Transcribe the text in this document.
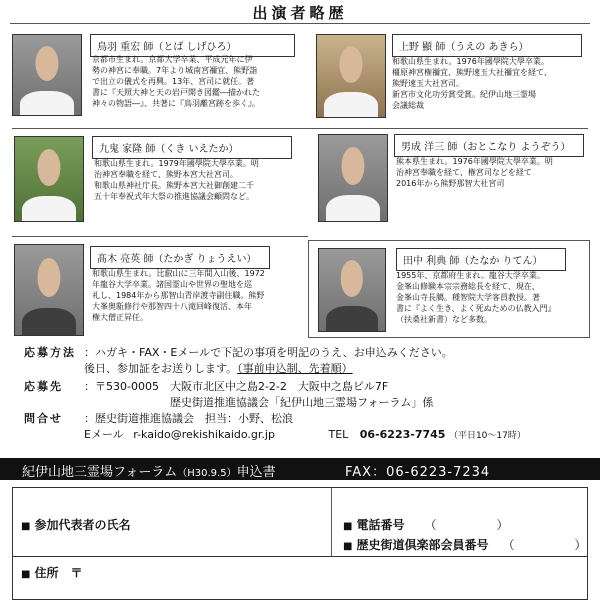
出演者略歴
鳥羽 重宏 師（とば しげひろ）
京都市生まれ。京都大学卒業、平成元年に伊
勢の神宮に奉職。7年より城南宮禰宜、熊野詣
で出立の儀式を再興。13年、宮司に就任。著
書に『天照大神と天の岩戸開き図鑑―描かれた
神々の物語―』、共著に『鳥羽離宮跡を歩く』。
上野 顯 師（うえの あきら）
和歌山県生まれ。1976年國學院大學卒業。
橿原神宮権禰宜、熊野速玉大社禰宜を経て、
熊野速玉大社宮司。
新宮市文化功労賞受賞。紀伊山地三霊場
会議総裁
九鬼 家隆 師（くき いえたか）
和歌山県生まれ。1979年國學院大學卒業。明
治神宮奉職を経て、熊野本宮大社宮司。
和歌山県神社庁長。熊野本宮大社御創建二千
五十年奉祝式年大祭の推進協議会顧問など。
男成 洋三 師（おとこなり ようぞう）
熊本県生まれ。1976年國學院大學卒業。明
治神宮奉職を経て、権宮司などを経て
2016年から熊野那智大社宮司
髙木 亮英 師（たかぎ りょうえい）
和歌山県生まれ。比叡山に三年間入山後、1972
年龍谷大学卒業。諸国霊山や世界の聖地を巡
礼し、1984年から那智山青岸渡寺副住職。熊野
大峯奥駈修行や那智四十八滝回峰復活、本年
権大僧正昇任。
田中 利典 師（たなか りてん）
1955年、京都府生まれ。龍谷大学卒業。
金峯山修験本宗宗務総長を経て、現在、
金峯山寺長臈。種智院大学客員教授。著
書に『よく生き、よく死ぬための仏教入門』
（扶桑社新書）など多数。
応募方法 ：ハガキ・FAX・Eメールで下記の事項を明記のうえ、お申込みください。
後日、参加証をお送りします。（事前申込制、先着順）
応募先 ：〒530-0005　大阪市北区中之島2-2-2　大阪中之島ビル7F
歴史街道推進協議会「紀伊山地三霊場フォーラム」係
問合せ ：歴史街道推進協議会　担当：小野、松浪
Eメール r-kaido@rekishikaido.gr.jp	TEL 06-6223-7745 （平日10～17時）
紀伊山地三霊場フォーラム（H30.9.5）申込書	FAX：06-6223-7234
■ 参加代表者の氏名	■ 電話番号 （　　　　　）
■ 歴史街道倶楽部会員番号 （　　　　　）
■ 住所　〒
